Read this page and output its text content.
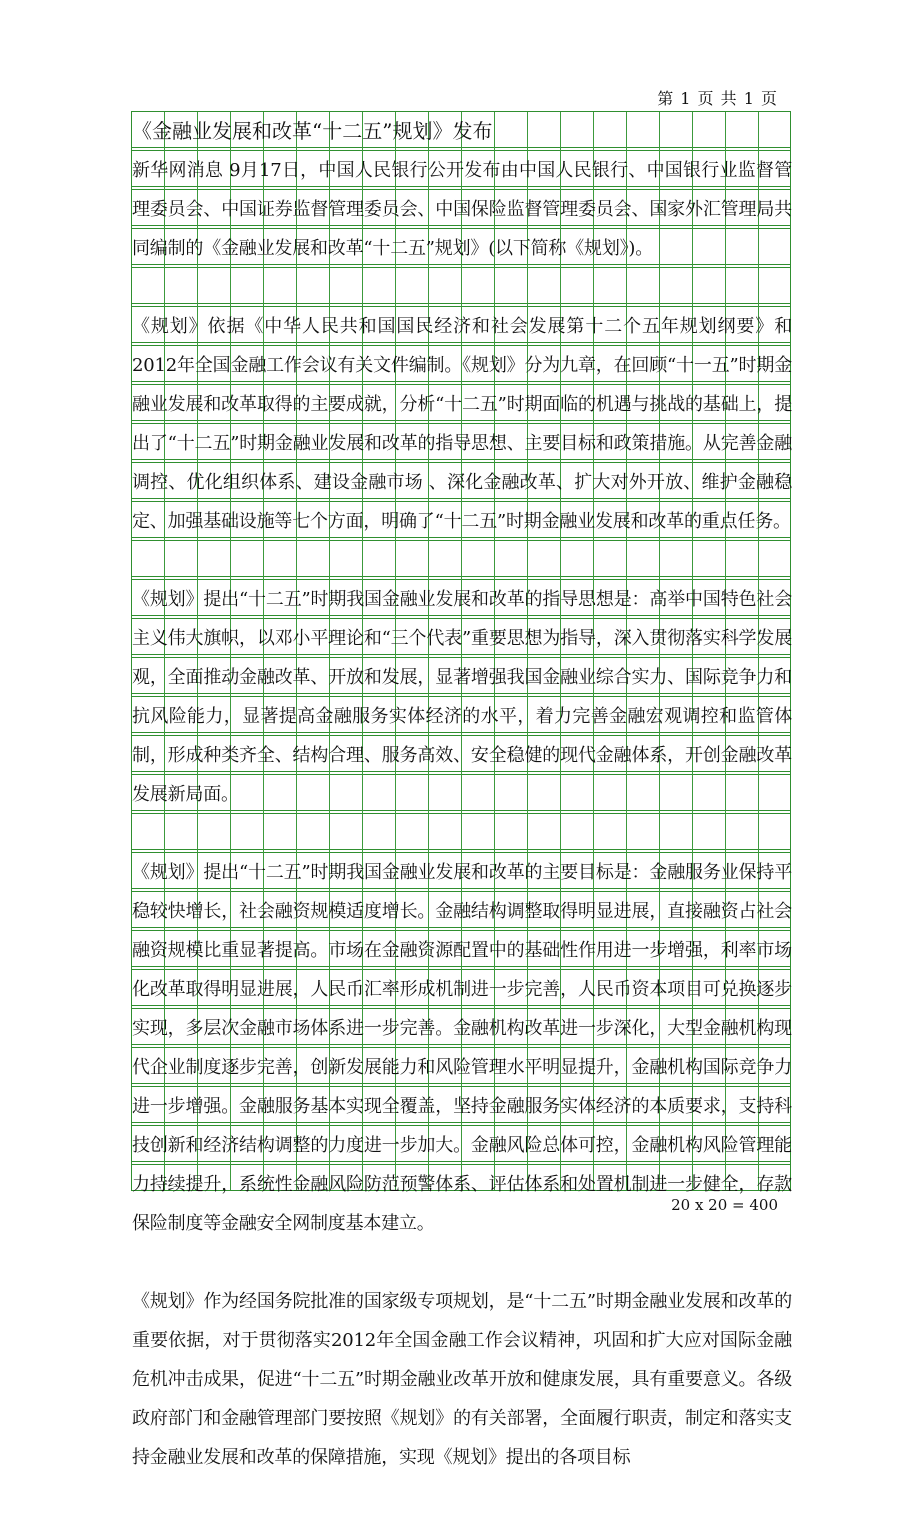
第 1 页 共 1 页

《金融业发展和改革“十二五”规划》发布

新华网消息 9月17日，中国人民银行公开发布由中国人民银行、中国银行业监督管理委员会、中国证券监督管理委员会、中国保险监督管理委员会、国家外汇管理局共同编制的《金融业发展和改革“十二五”规划》(以下简称《规划》)。

《规划》依据《中华人民共和国国民经济和社会发展第十二个五年规划纲要》和2012年全国金融工作会议有关文件编制。《规划》分为九章，在回顾“十一五”时期金融业发展和改革取得的主要成就，分析“十二五”时期面临的机遇与挑战的基础上，提出了“十二五”时期金融业发展和改革的指导思想、主要目标和政策措施。从完善金融调控、优化组织体系、建设金融市场 、深化金融改革、扩大对外开放、维护金融稳定、加强基础设施等七个方面，明确了“十二五”时期金融业发展和改革的重点任务。

《规划》提出“十二五”时期我国金融业发展和改革的指导思想是：高举中国特色社会主义伟大旗帜，以邓小平理论和“三个代表”重要思想为指导，深入贯彻落实科学发展观，全面推动金融改革、开放和发展，显著增强我国金融业综合实力、国际竞争力和抗风险能力，显著提高金融服务实体经济的水平，着力完善金融宏观调控和监管体制，形成种类齐全、结构合理、服务高效、安全稳健的现代金融体系，开创金融改革发展新局面。

《规划》提出“十二五”时期我国金融业发展和改革的主要目标是：金融服务业保持平稳较快增长，社会融资规模适度增长。金融结构调整取得明显进展，直接融资占社会融资规模比重显著提高。市场在金融资源配置中的基础性作用进一步增强，利率市场化改革取得明显进展，人民币汇率形成机制进一步完善，人民币资本项目可兑换逐步实现，多层次金融市场体系进一步完善。金融机构改革进一步深化，大型金融机构现代企业制度逐步完善，创新发展能力和风险管理水平明显提升，金融机构国际竞争力进一步增强。金融服务基本实现全覆盖，坚持金融服务实体经济的本质要求，支持科技创新和经济结构调整的力度进一步加大。金融风险总体可控，金融机构风险管理能力持续提升，系统性金融风险防范预警体系、评估体系和处置机制进一步健全，存款保险制度等金融安全网制度基本建立。

《规划》作为经国务院批准的国家级专项规划，是“十二五”时期金融业发展和改革的重要依据，对于贯彻落实2012年全国金融工作会议精神，巩固和扩大应对国际金融危机冲击成果，促进“十二五”时期金融业改革开放和健康发展，具有重要意义。各级政府部门和金融管理部门要按照《规划》的有关部署，全面履行职责，制定和落实支持金融业发展和改革的保障措施，实现《规划》提出的各项目标

20 x 20 = 400
